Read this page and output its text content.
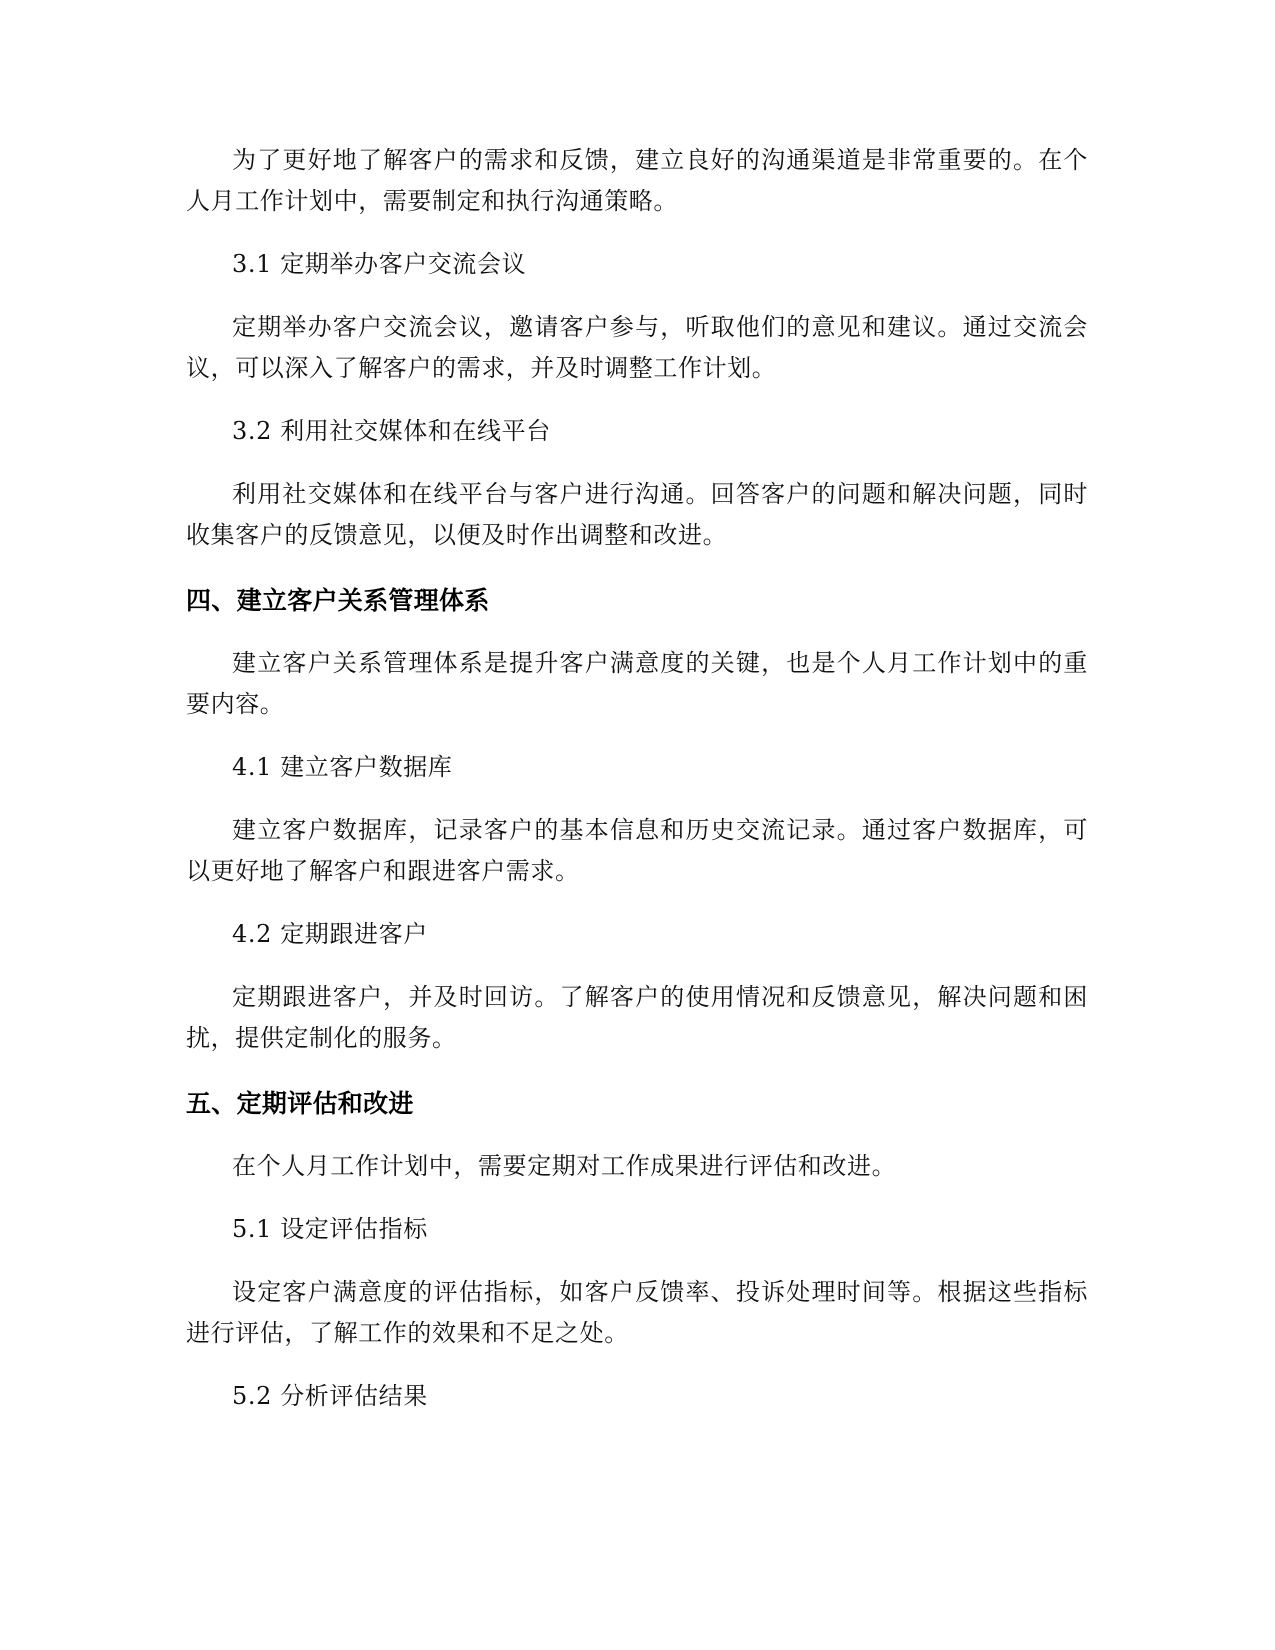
为了更好地了解客户的需求和反馈，建立良好的沟通渠道是非常重要的。在个人月工作计划中，需要制定和执行沟通策略。

3.1 定期举办客户交流会议

定期举办客户交流会议，邀请客户参与，听取他们的意见和建议。通过交流会议，可以深入了解客户的需求，并及时调整工作计划。

3.2 利用社交媒体和在线平台

利用社交媒体和在线平台与客户进行沟通。回答客户的问题和解决问题，同时收集客户的反馈意见，以便及时作出调整和改进。

四、建立客户关系管理体系

建立客户关系管理体系是提升客户满意度的关键，也是个人月工作计划中的重要内容。

4.1 建立客户数据库

建立客户数据库，记录客户的基本信息和历史交流记录。通过客户数据库，可以更好地了解客户和跟进客户需求。

4.2 定期跟进客户

定期跟进客户，并及时回访。了解客户的使用情况和反馈意见，解决问题和困扰，提供定制化的服务。

五、定期评估和改进

在个人月工作计划中，需要定期对工作成果进行评估和改进。

5.1 设定评估指标

设定客户满意度的评估指标，如客户反馈率、投诉处理时间等。根据这些指标进行评估，了解工作的效果和不足之处。

5.2 分析评估结果
